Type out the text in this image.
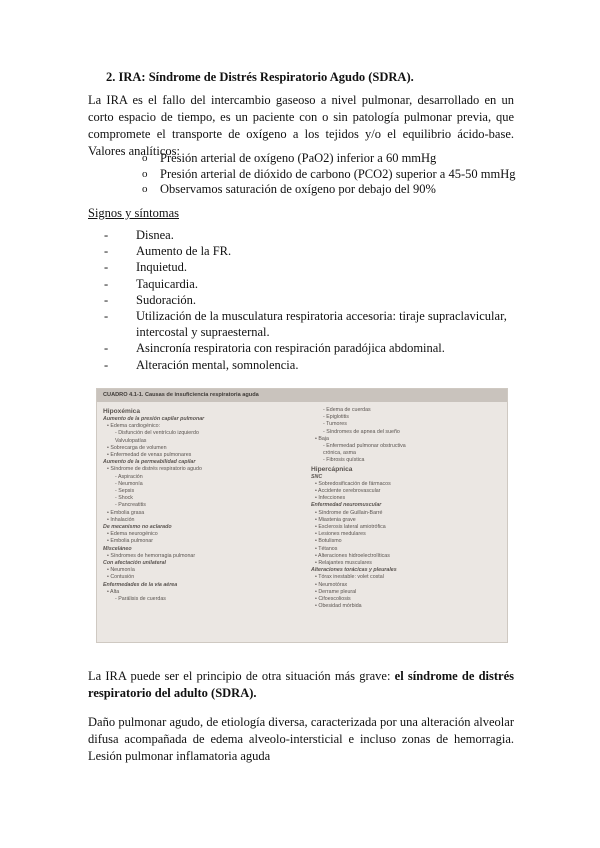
2. IRA: Síndrome de Distrés Respiratorio Agudo (SDRA).

La IRA es el fallo del intercambio gaseoso a nivel pulmonar, desarrollado en un corto espacio de tiempo, es un paciente con o sin patología pulmonar previa, que compromete el transporte de oxígeno a los tejidos y/o el equilibrio ácido-base. Valores analíticos:

o Presión arterial de oxígeno (PaO2) inferior a 60 mmHg
o Presión arterial de dióxido de carbono (PCO2) superior a 45-50 mmHg
o Observamos saturación de oxígeno por debajo del 90%
Signos y síntomas
- Disnea.
- Aumento de la FR.
- Inquietud.
- Taquicardia.
- Sudoración.
- Utilización de la musculatura respiratoria accesoria: tiraje supraclavicular, intercostal y supraesternal.
- Asincronía respiratoria con respiración paradójica abdominal.
- Alteración mental, somnolencia.
CUADRO 4.1-1. Causas de insuficiencia respiratoria aguda
Hipoxémica
Aumento de la presión capilar pulmonar
• Edema cardiogénico:
- Disfunción del ventrículo izquierdo
Valvulopatías
• Sobrecarga de volumen
• Enfermedad de venas pulmonares
Aumento de la permeabilidad capilar
• Síndrome de distrés respiratorio agudo
- Aspiración
- Neumonía
- Sepsis
- Shock
- Pancreatitis
• Embolia grasa
• Inhalación
De mecanismo no aclarado
• Edema neurogénico
• Embolia pulmonar
Misceláneo
• Síndromes de hemorragia pulmonar
Con afectación unilateral
• Neumonía
• Contusión
Enfermedades de la vía aérea
• Alta
- Parálisis de cuerdas
- Edema de cuerdas
- Epiglotitis
- Tumores
- Síndromes de apnea del sueño
• Baja
- Enfermedad pulmonar obstructiva
crónica, asma
- Fibrosis quística
Hipercápnica
SNC
• Sobredosificación de fármacos
• Accidente cerebrovascular
• Infecciones
Enfermedad neuromuscular
• Síndrome de Guillain-Barré
• Miastenia grave
• Esclerosis lateral amiotrófica
• Lesiones medulares
• Botulismo
• Tétanos
• Alteraciones hidroelectrolíticas
• Relajantes musculares
Alteraciones torácicas y pleurales
• Tórax inestable: volet costal
• Neumotórax
• Derrame pleural
• Cifoescoliosis
• Obesidad mórbida

La IRA puede ser el principio de otra situación más grave: el síndrome de distrés respiratorio del adulto (SDRA).

Daño pulmonar agudo, de etiología diversa, caracterizada por una alteración alveolar difusa acompañada de edema alveolo-intersticial e incluso zonas de hemorragia. Lesión pulmonar inflamatoria aguda
